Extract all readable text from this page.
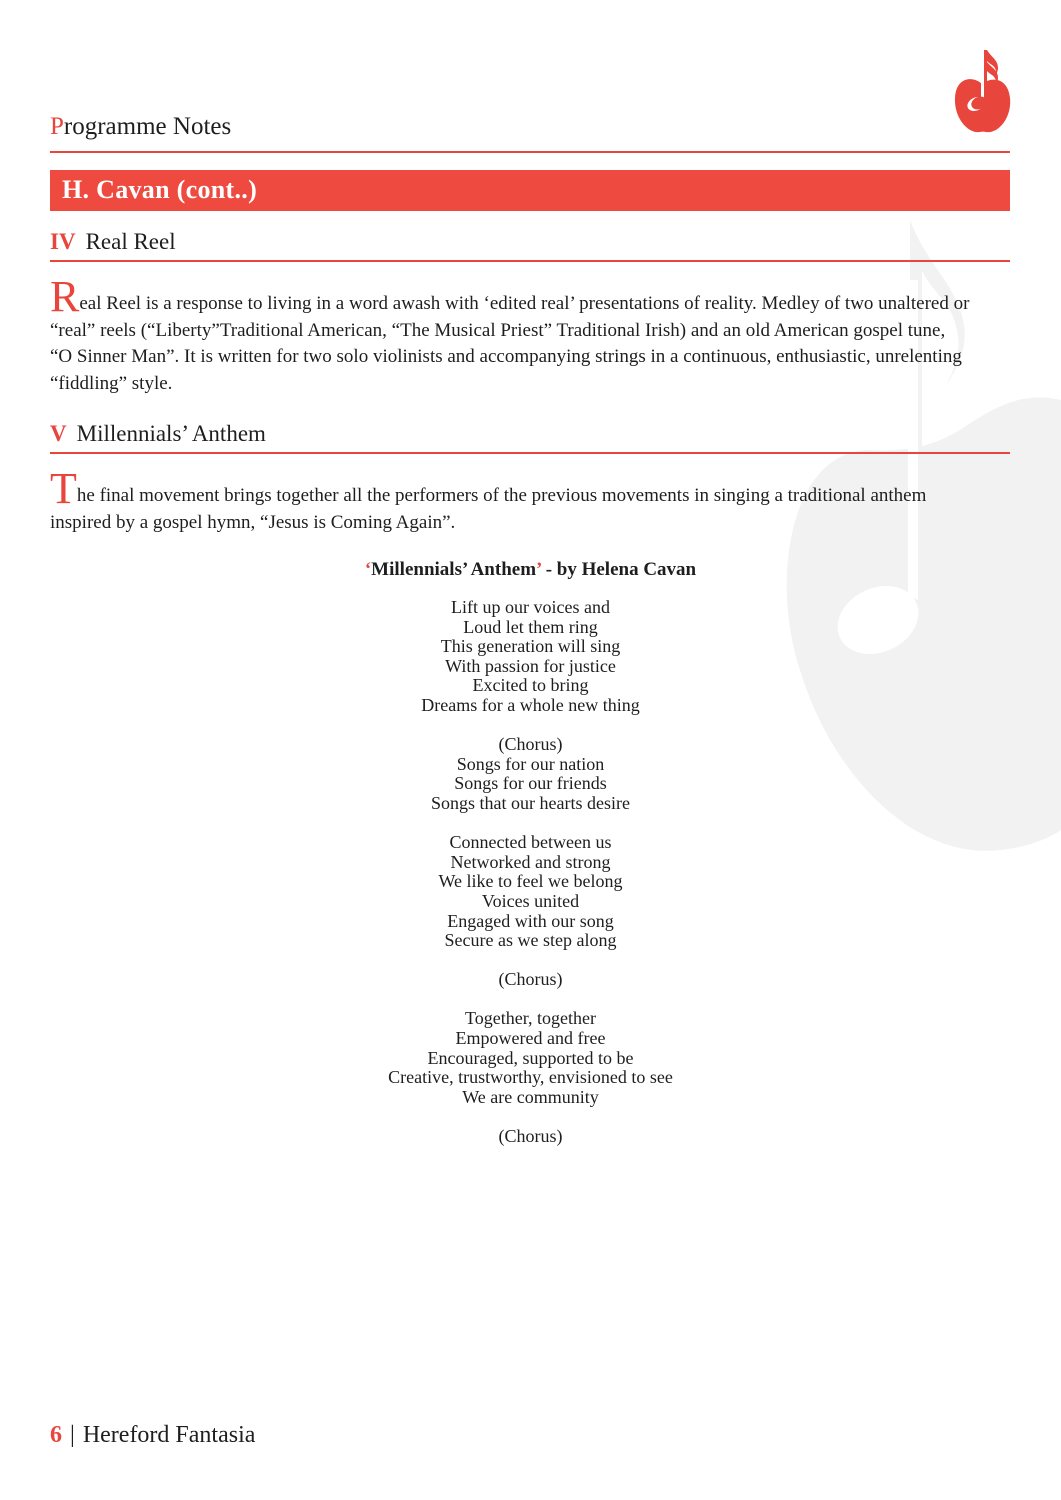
Programme Notes
H. Cavan (cont..)
IV Real Reel
Real Reel is a response to living in a word awash with ‘edited real’ presentations of reality. Medley of two unaltered or “real” reels (“Liberty”Traditional American, “The Musical Priest” Traditional Irish) and an old American gospel tune, “O Sinner Man”. It is written for two solo violinists and accompanying strings in a continuous, enthusiastic, unrelenting “fiddling” style.
V Millennials’ Anthem
The final movement brings together all the performers of the previous movements in singing a traditional anthem inspired by a gospel hymn, “Jesus is Coming Again”.
‘Millennials’ Anthem’ - by Helena Cavan
Lift up our voices and
Loud let them ring
This generation will sing
With passion for justice
Excited to bring
Dreams for a whole new thing
(Chorus)
Songs for our nation
Songs for our friends
Songs that our hearts desire
Connected between us
Networked and strong
We like to feel we belong
Voices united
Engaged with our song
Secure as we step along
(Chorus)
Together, together
Empowered and free
Encouraged, supported to be
Creative, trustworthy, envisioned to see
We are community
(Chorus)
6 | Hereford Fantasia
